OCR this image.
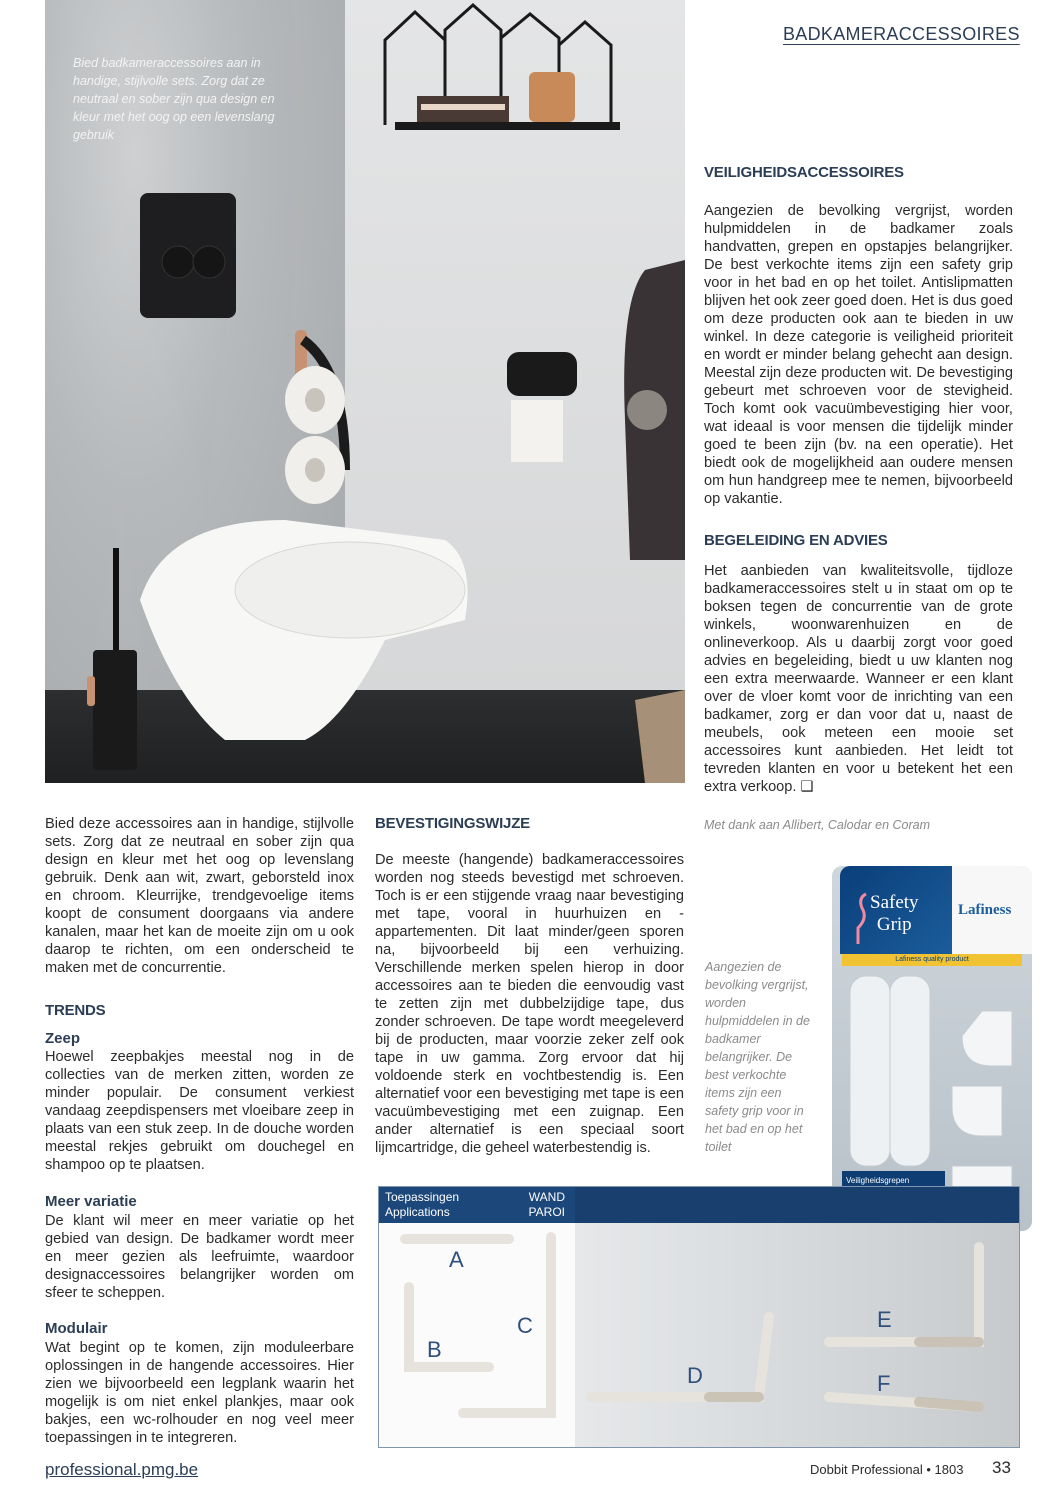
BADKAMERACCESSOIRES
Bied badkameraccessoires aan in handige, stijlvolle sets. Zorg dat ze neutraal en sober zijn qua design en kleur met het oog op een levenslang gebruik
VEILIGHEIDSACCESSOIRES
Aangezien de bevolking vergrijst, worden hulpmiddelen in de badkamer zoals handvatten, grepen en opstapjes belangrijker. De best verkochte items zijn een safety grip voor in het bad en op het toilet. Antislipmatten blijven het ook zeer goed doen. Het is dus goed om deze producten ook aan te bieden in uw winkel. In deze categorie is veiligheid prioriteit en wordt er minder belang gehecht aan design. Meestal zijn deze producten wit. De bevestiging gebeurt met schroeven voor de stevigheid. Toch komt ook vacuümbevestiging hier voor, wat ideaal is voor mensen die tijdelijk minder goed te been zijn (bv. na een operatie). Het biedt ook de mogelijkheid aan oudere mensen om hun handgreep mee te nemen, bijvoorbeeld op vakantie.
BEGELEIDING EN ADVIES
Het aanbieden van kwaliteitsvolle, tijdloze badkameraccessoires stelt u in staat om op te boksen tegen de concurrentie van de grote winkels, woonwarenhuizen en de onlineverkoop. Als u daarbij zorgt voor goed advies en begeleiding, biedt u uw klanten nog een extra meerwaarde. Wanneer er een klant over de vloer komt voor de inrichting van een badkamer, zorg er dan voor dat u, naast de meubels, ook meteen een mooie set accessoires kunt aanbieden. Het leidt tot tevreden klanten en voor u betekent het een extra verkoop. ❑
Met dank aan Allibert, Calodar en Coram
Bied deze accessoires aan in handige, stijlvolle sets. Zorg dat ze neutraal en sober zijn qua design en kleur met het oog op levenslang gebruik. Denk aan wit, zwart, geborsteld inox en chroom. Kleurrijke, trendgevoelige items koopt de consument doorgaans via andere kanalen, maar het kan de moeite zijn om u ook daarop te richten, om een onderscheid te maken met de concurrentie.
TRENDS
Zeep
Hoewel zeepbakjes meestal nog in de collecties van de merken zitten, worden ze minder populair. De consument verkiest vandaag zeepdispensers met vloeibare zeep in plaats van een stuk zeep. In de douche worden meestal rekjes gebruikt om douchegel en shampoo op te plaatsen.
Meer variatie
De klant wil meer en meer variatie op het gebied van design. De badkamer wordt meer en meer gezien als leefruimte, waardoor designaccessoires belangrijker worden om sfeer te scheppen.
Modulair
Wat begint op te komen, zijn moduleerbare oplossingen in de hangende accessoires. Hier zien we bijvoorbeeld een legplank waarin het mogelijk is om niet enkel plankjes, maar ook bakjes, een wc-rolhouder en nog veel meer toepassingen in te integreren.
BEVESTIGINGSWIJZE
De meeste (hangende) badkameraccessoires worden nog steeds bevestigd met schroeven. Toch is er een stijgende vraag naar bevestiging met tape, vooral in huurhuizen en -appartementen. Dit laat minder/geen sporen na, bijvoorbeeld bij een verhuizing. Verschillende merken spelen hierop in door accessoires aan te bieden die eenvoudig vast te zetten zijn met dubbelzijdige tape, dus zonder schroeven. De tape wordt meegeleverd bij de producten, maar voorzie zeker zelf ook tape in uw gamma. Zorg ervoor dat hij voldoende sterk en vochtbestendig is. Een alternatief voor een bevestiging met tape is een vacuümbevestiging met een zuignap. Een ander alternatief is een speciaal soort lijmcartridge, die geheel waterbestendig is.
Aangezien de bevolking vergrijst, worden hulpmiddelen in de badkamer belangrijker. De best verkochte items zijn een safety grip voor in het bad en op het toilet
Safety
Grip
Lafiness
Lafiness quality product
Veiligheidsgrepen
Toepassingen
Applications
WAND
PAROI
A
B
C
D
E
F
professional.pmg.be	Dobbit Professional • 1803 33
